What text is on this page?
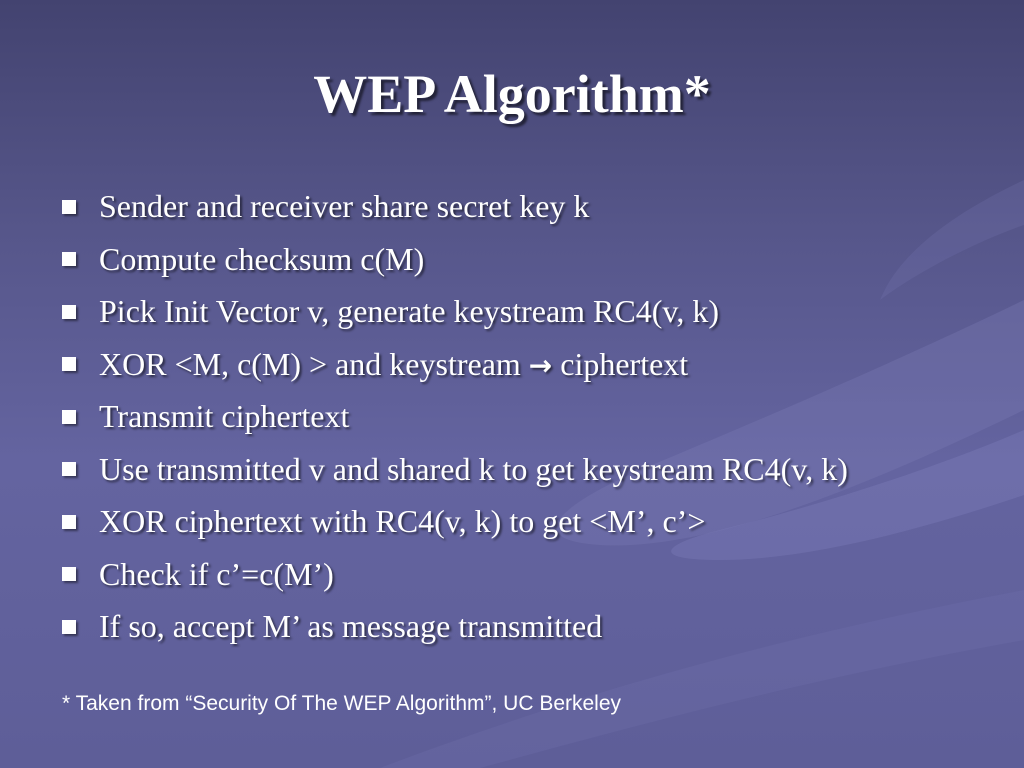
WEP Algorithm*
Sender and receiver share secret key k
Compute checksum c(M)
Pick Init Vector v, generate keystream RC4(v, k)
XOR <M, c(M) > and keystream → ciphertext
Transmit ciphertext
Use transmitted v and shared k to get keystream RC4(v, k)
XOR ciphertext with RC4(v, k) to get <M’, c’>
Check if c’=c(M’)
If so, accept M’ as message transmitted
* Taken from “Security Of The WEP Algorithm”, UC Berkeley
